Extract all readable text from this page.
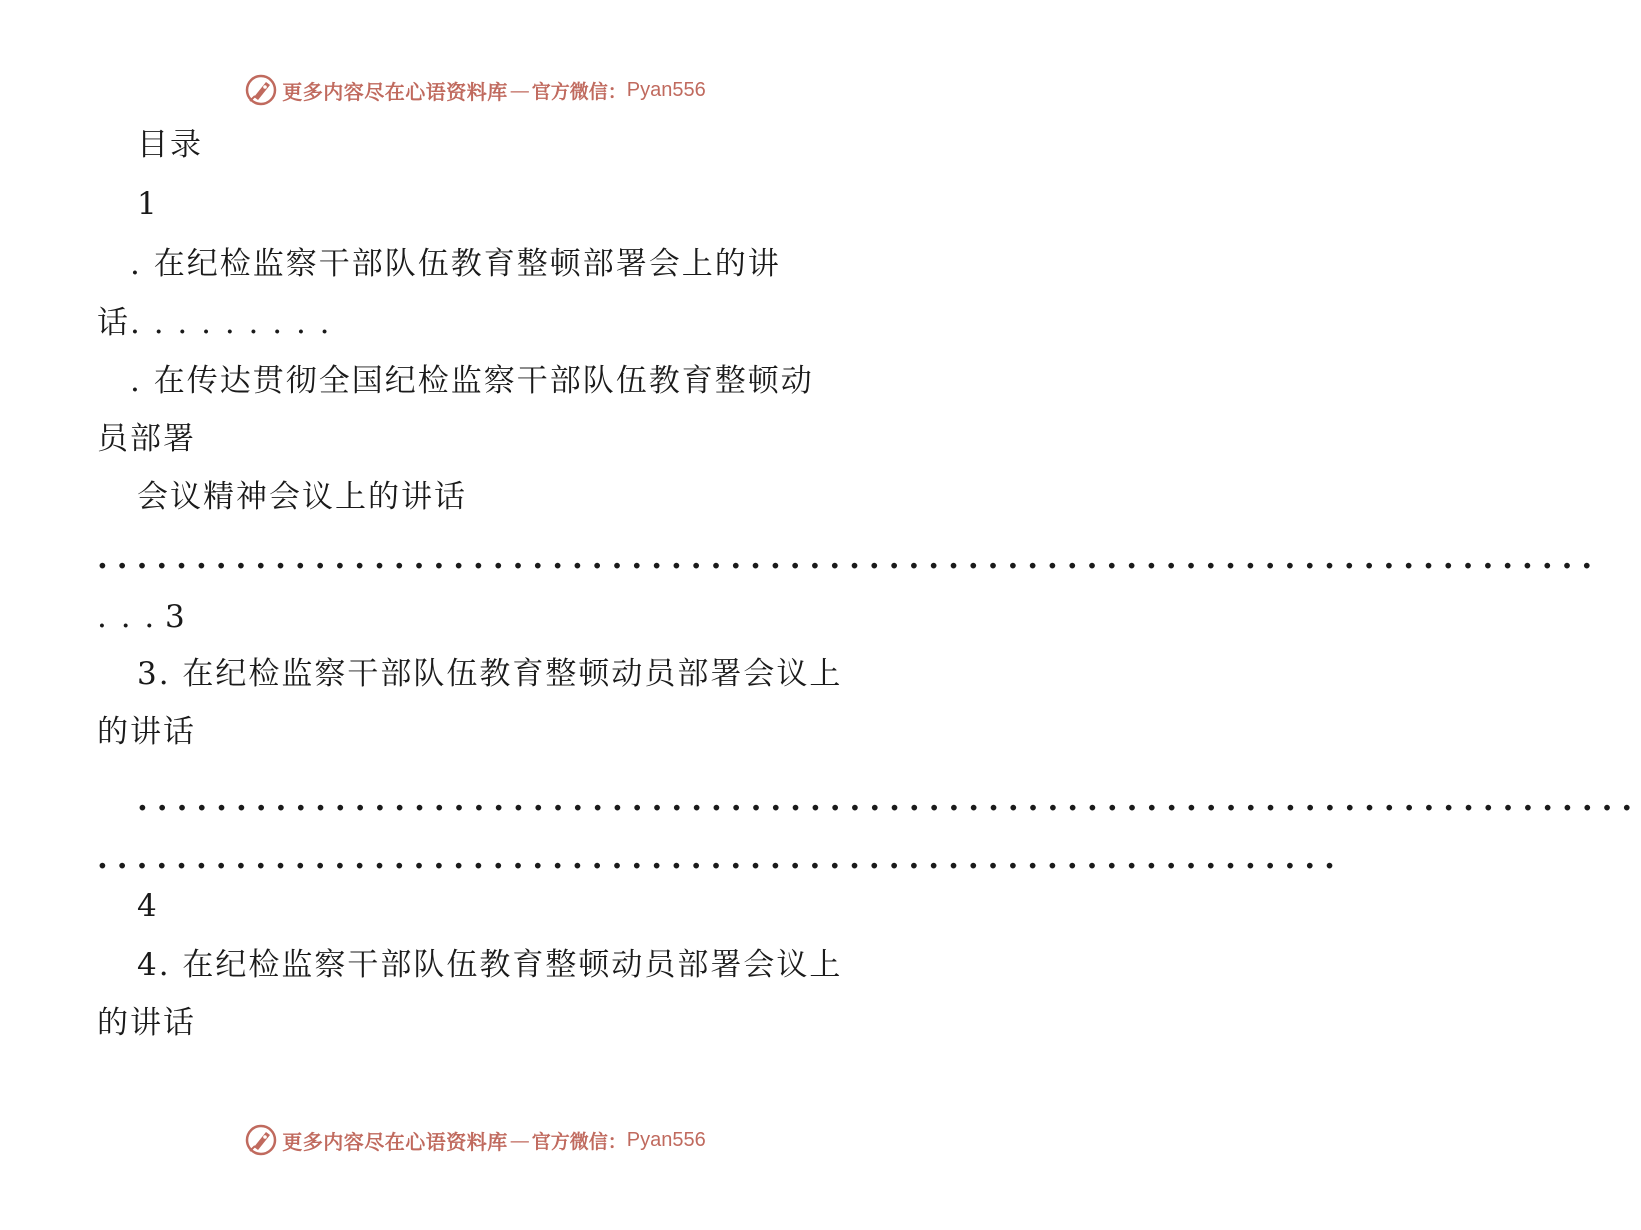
更多内容尽在心语资料库 — 官方微信： Pyan556
目录
1
. 在纪检监察干部队伍教育整顿部署会上的讲
话. . . . . . . . .
. 在传达贯彻全国纪检监察干部队伍教育整顿动
员部署
会议精神会议上的讲话
............................................................................
. . . 3
3. 在纪检监察干部队伍教育整顿动员部署会议上
的讲话
............................................................................
...............................................................
4
4. 在纪检监察干部队伍教育整顿动员部署会议上
的讲话
更多内容尽在心语资料库 — 官方微信： Pyan556
